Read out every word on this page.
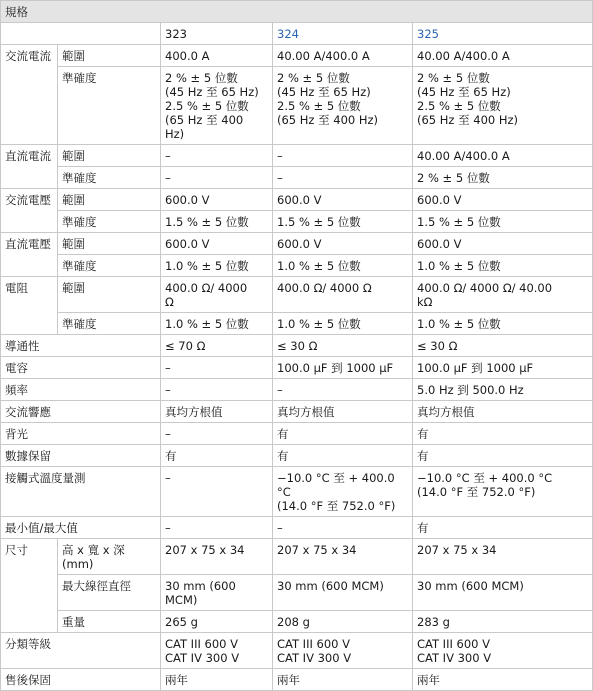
規格				
		323	324	325
交流電流	範圍	400.0 A	40.00 A/400.0 A	40.00 A/400.0 A
	準確度	2 % ± 5 位數
(45 Hz 至 65 Hz)
2.5 % ± 5 位數
(65 Hz 至 400
Hz)	2 % ± 5 位數
(45 Hz 至 65 Hz)
2.5 % ± 5 位數
(65 Hz 至 400 Hz)	2 % ± 5 位數
(45 Hz 至 65 Hz)
2.5 % ± 5 位數
(65 Hz 至 400 Hz)
直流電流	範圍	–	–	40.00 A/400.0 A
	準確度	–	–	2 % ± 5 位數
交流電壓	範圍	600.0 V	600.0 V	600.0 V
	準確度	1.5 % ± 5 位數	1.5 % ± 5 位數	1.5 % ± 5 位數
直流電壓	範圍	600.0 V	600.0 V	600.0 V
	準確度	1.0 % ± 5 位數	1.0 % ± 5 位數	1.0 % ± 5 位數
電阻	範圍	400.0 Ω/ 4000
Ω	400.0 Ω/ 4000 Ω	400.0 Ω/ 4000 Ω/ 40.00
kΩ
	準確度	1.0 % ± 5 位數	1.0 % ± 5 位數	1.0 % ± 5 位數
導通性		≤ 70 Ω	≤ 30 Ω	≤ 30 Ω
電容		–	100.0 μF 到 1000 μF	100.0 μF 到 1000 μF
頻率		–	–	5.0 Hz 到 500.0 Hz
交流響應		真均方根值	真均方根值	真均方根值
背光		–	有	有
數據保留		有	有	有
接觸式溫度量測		–	−10.0 °C 至 + 400.0
°C
(14.0 °F 至 752.0 °F)	−10.0 °C 至 + 400.0 °C
(14.0 °F 至 752.0 °F)
最小值/最大值		–	–	有
尺寸	高 x 寬 x 深
(mm)	207 x 75 x 34	207 x 75 x 34	207 x 75 x 34
	最大線徑直徑	30 mm (600
MCM)	30 mm (600 MCM)	30 mm (600 MCM)
	重量	265 g	208 g	283 g
分類等級		CAT III 600 V
CAT IV 300 V	CAT III 600 V
CAT IV 300 V	CAT III 600 V
CAT IV 300 V
售後保固		兩年	兩年	兩年
